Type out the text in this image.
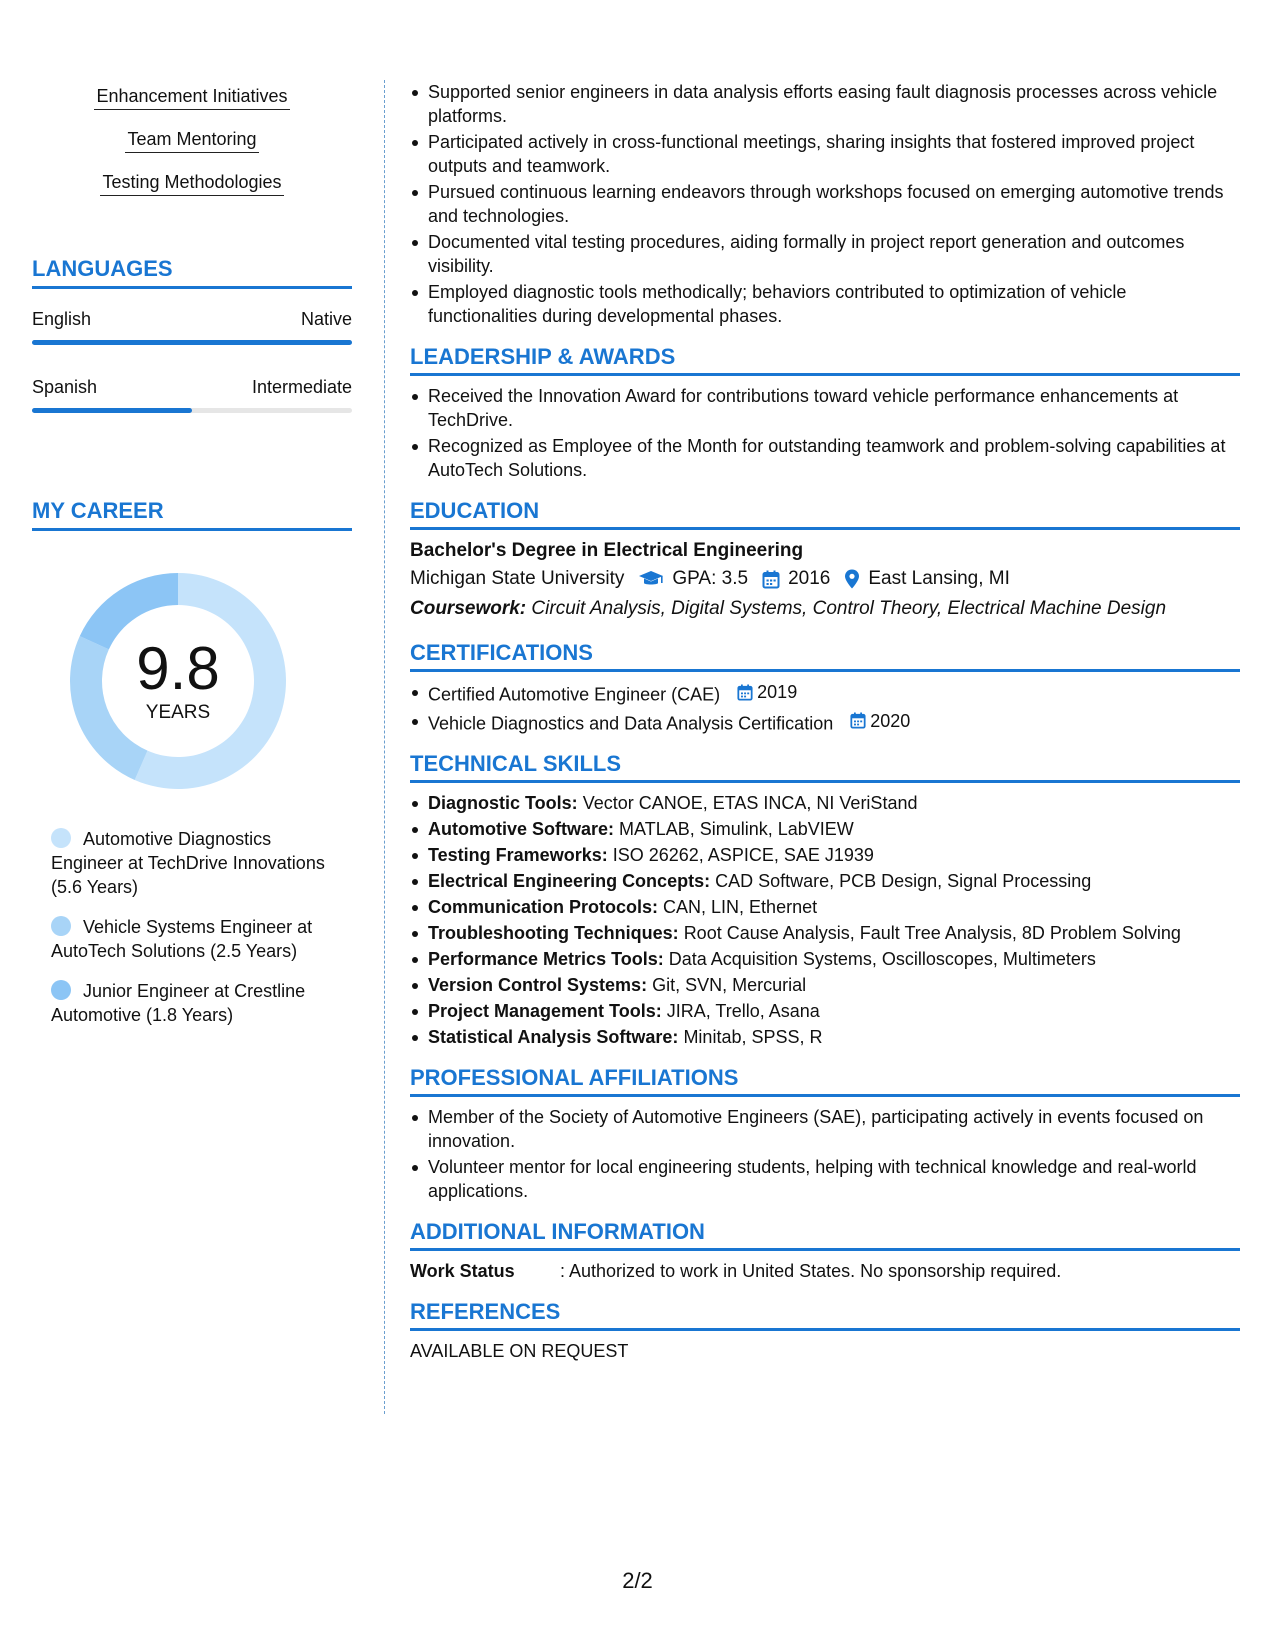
Enhancement Initiatives
Team Mentoring
Testing Methodologies
LANGUAGES
English	Native
Spanish	Intermediate
MY CAREER
9.8
YEARS
Automotive Diagnostics Engineer at TechDrive Innovations (5.6 Years)
Vehicle Systems Engineer at AutoTech Solutions (2.5 Years)
Junior Engineer at Crestline Automotive (1.8 Years)
Supported senior engineers in data analysis efforts easing fault diagnosis processes across vehicle platforms.
Participated actively in cross-functional meetings, sharing insights that fostered improved project outputs and teamwork.
Pursued continuous learning endeavors through workshops focused on emerging automotive trends and technologies.
Documented vital testing procedures, aiding formally in project report generation and outcomes visibility.
Employed diagnostic tools methodically; behaviors contributed to optimization of vehicle functionalities during developmental phases.
LEADERSHIP & AWARDS
Received the Innovation Award for contributions toward vehicle performance enhancements at TechDrive.
Recognized as Employee of the Month for outstanding teamwork and problem-solving capabilities at AutoTech Solutions.
EDUCATION
Bachelor's Degree in Electrical Engineering
Michigan State University	GPA: 3.5 2016 East Lansing, MI
Coursework: Circuit Analysis, Digital Systems, Control Theory, Electrical Machine Design
CERTIFICATIONS
Certified Automotive Engineer (CAE) 2019
Vehicle Diagnostics and Data Analysis Certification 2020
TECHNICAL SKILLS
Diagnostic Tools: Vector CANOE, ETAS INCA, NI VeriStand
Automotive Software: MATLAB, Simulink, LabVIEW
Testing Frameworks: ISO 26262, ASPICE, SAE J1939
Electrical Engineering Concepts: CAD Software, PCB Design, Signal Processing
Communication Protocols: CAN, LIN, Ethernet
Troubleshooting Techniques: Root Cause Analysis, Fault Tree Analysis, 8D Problem Solving
Performance Metrics Tools: Data Acquisition Systems, Oscilloscopes, Multimeters
Version Control Systems: Git, SVN, Mercurial
Project Management Tools: JIRA, Trello, Asana
Statistical Analysis Software: Minitab, SPSS, R
PROFESSIONAL AFFILIATIONS
Member of the Society of Automotive Engineers (SAE), participating actively in events focused on innovation.
Volunteer mentor for local engineering students, helping with technical knowledge and real-world applications.
ADDITIONAL INFORMATION
Work Status	: Authorized to work in United States. No sponsorship required.
REFERENCES
AVAILABLE ON REQUEST
2/2
